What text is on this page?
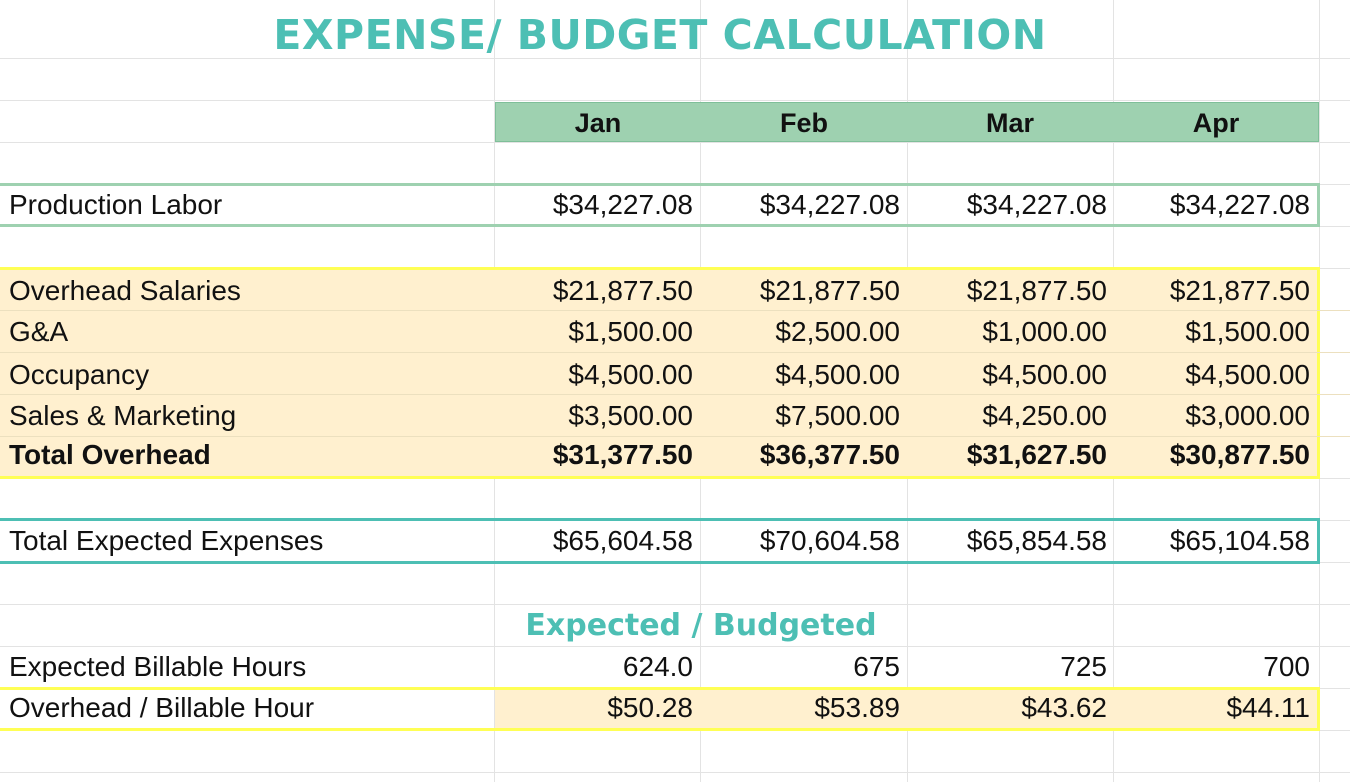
EXPENSE/ BUDGET CALCULATION
Jan	Feb	Mar	Apr
Production Labor	$34,227.08	$34,227.08	$34,227.08	$34,227.08
Overhead Salaries	$21,877.50	$21,877.50	$21,877.50	$21,877.50
G&A	$1,500.00	$2,500.00	$1,000.00	$1,500.00
Occupancy	$4,500.00	$4,500.00	$4,500.00	$4,500.00
Sales & Marketing	$3,500.00	$7,500.00	$4,250.00	$3,000.00
Total Overhead	$31,377.50	$36,377.50	$31,627.50	$30,877.50
Total Expected Expenses	$65,604.58	$70,604.58	$65,854.58	$65,104.58
Expected / Budgeted
Expected Billable Hours	624.0	675	725	700
Overhead / Billable Hour	$50.28	$53.89	$43.62	$44.11
